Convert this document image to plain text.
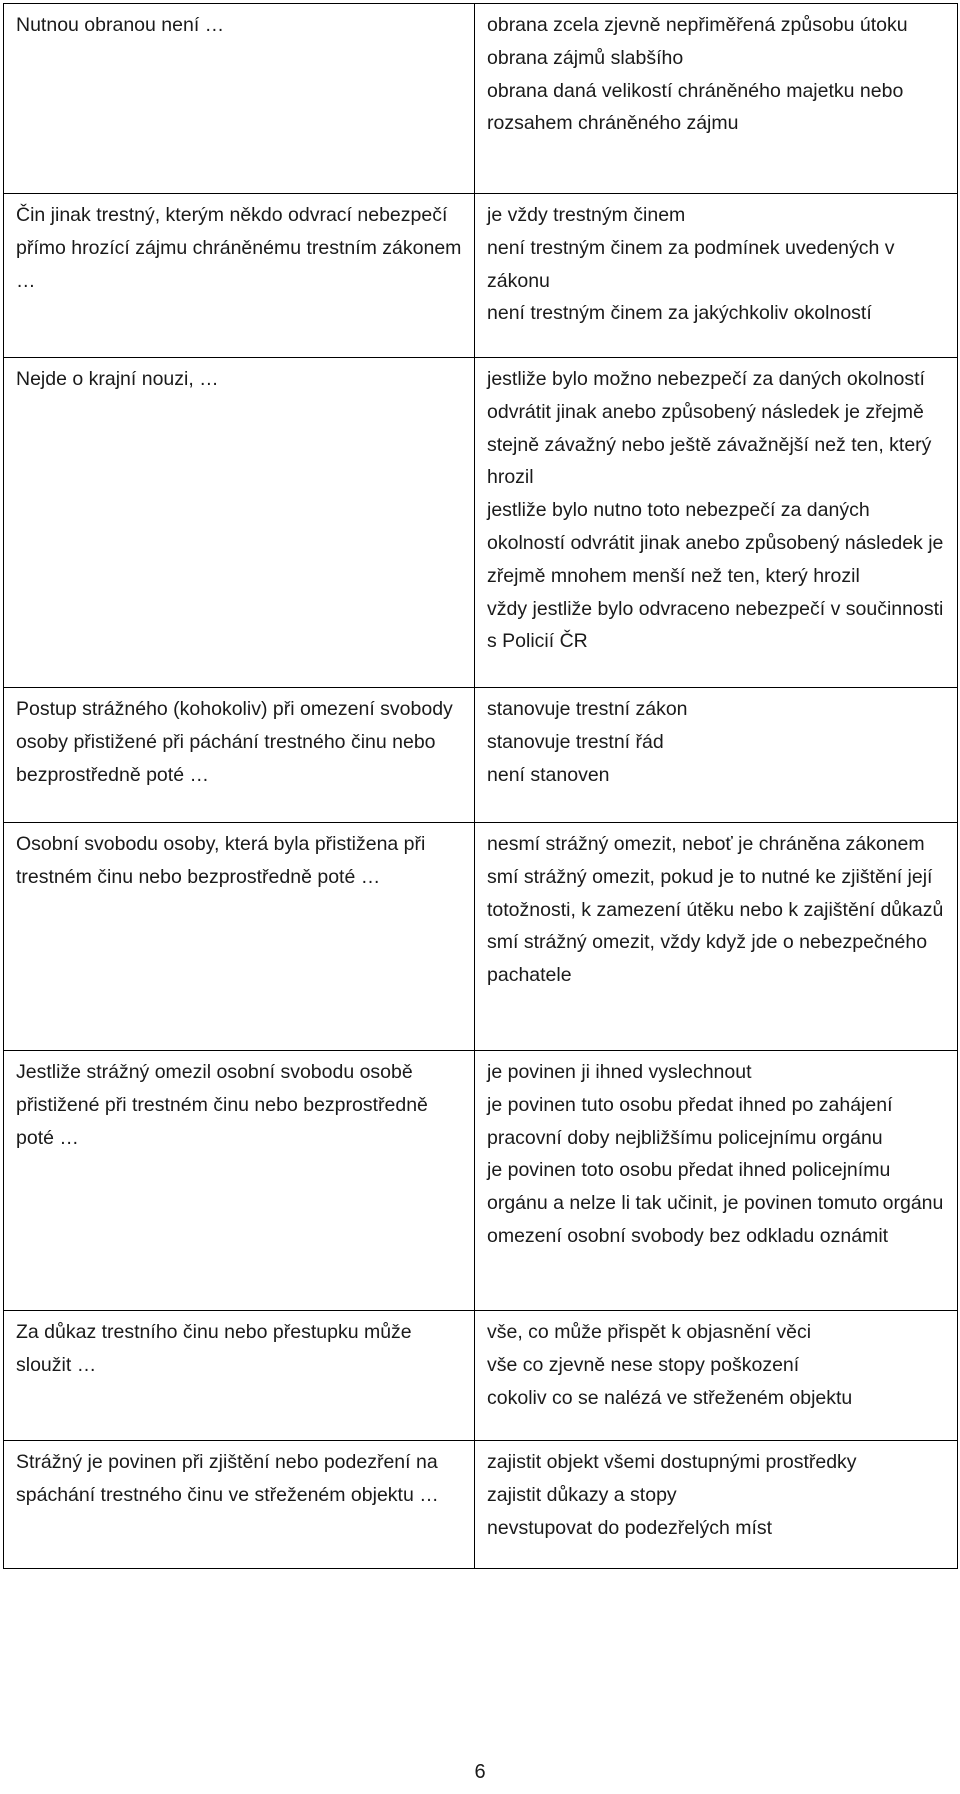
Nutnou obranou není …	obrana zcela zjevně nepřiměřená způsobu útoku
obrana zájmů slabšího
obrana daná velikostí chráněného majetku nebo rozsahem chráněného zájmu

Čin jinak trestný, kterým někdo odvrací nebezpečí přímo hrozící zájmu chráněnému trestním zákonem …	je vždy trestným činem
není trestným činem za podmínek uvedených v zákonu
není trestným činem za jakýchkoliv okolností

Nejde o krajní nouzi, …	jestliže bylo možno nebezpečí za daných okolností odvrátit jinak anebo způsobený následek je zřejmě stejně závažný nebo ještě závažnější než ten, který hrozil
jestliže bylo nutno toto nebezpečí za daných okolností odvrátit jinak anebo způsobený následek je zřejmě mnohem menší než ten, který hrozil
vždy jestliže bylo odvraceno nebezpečí v součinnosti s Policií ČR

Postup strážného (kohokoliv) při omezení svobody osoby přistižené při páchání trestného činu nebo bezprostředně poté …	stanovuje trestní zákon
stanovuje trestní řád
není stanoven

Osobní svobodu osoby, která byla přistižena při trestném činu nebo bezprostředně poté …	nesmí strážný omezit, neboť je chráněna zákonem
smí strážný omezit, pokud je to nutné ke zjištění její totožnosti, k zamezení útěku nebo k zajištění důkazů
smí strážný omezit, vždy když jde o nebezpečného pachatele

Jestliže strážný omezil osobní svobodu osobě přistižené při trestném činu nebo bezprostředně poté …	je povinen ji ihned vyslechnout
je povinen tuto osobu předat ihned po zahájení pracovní doby nejbližšímu policejnímu orgánu
je povinen toto osobu předat ihned policejnímu orgánu a nelze li tak učinit, je povinen tomuto orgánu omezení osobní svobody bez odkladu oznámit

Za důkaz trestního činu nebo přestupku může sloužit …	vše, co může přispět k objasnění věci
vše co zjevně nese stopy poškození
cokoliv co se nalézá ve střeženém objektu

Strážný je povinen při zjištění nebo podezření na spáchání trestného činu ve střeženém objektu …	zajistit objekt všemi dostupnými prostředky
zajistit důkazy a stopy
nevstupovat do podezřelých míst
6
